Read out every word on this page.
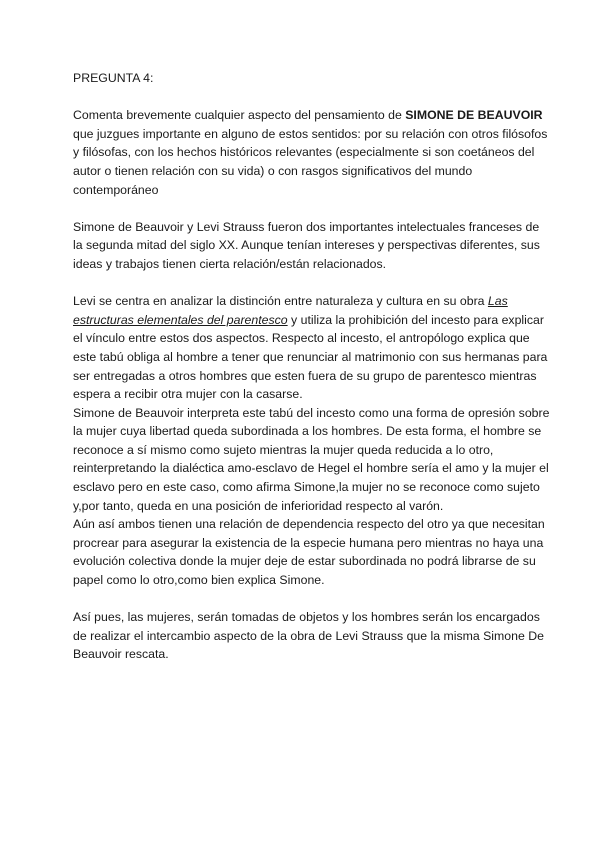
PREGUNTA 4:

Comenta brevemente cualquier aspecto del pensamiento de SIMONE DE BEAUVOIR que juzgues importante en alguno de estos sentidos: por su relación con otros filósofos y filósofas, con los hechos históricos relevantes (especialmente si son coetáneos del autor o tienen relación con su vida) o con rasgos significativos del mundo contemporáneo

Simone de Beauvoir y Levi Strauss fueron dos importantes intelectuales franceses de la segunda mitad del siglo XX. Aunque tenían intereses y perspectivas diferentes, sus ideas y trabajos tienen cierta relación/están relacionados.

Levi se centra en analizar la distinción entre naturaleza y cultura en su obra Las estructuras elementales del parentesco y utiliza la prohibición del incesto para explicar el vínculo entre estos dos aspectos. Respecto al incesto, el antropólogo explica que este tabú obliga al hombre a tener que renunciar al matrimonio con sus hermanas para ser entregadas a otros hombres que esten fuera de su grupo de parentesco mientras espera a recibir otra mujer con la casarse.

Simone de Beauvoir interpreta este tabú del incesto como una forma de opresión sobre la mujer cuya libertad queda subordinada a los hombres. De esta forma, el hombre se reconoce a sí mismo como sujeto mientras la mujer queda reducida a lo otro, reinterpretando la dialéctica amo-esclavo de Hegel el hombre sería el amo y la mujer el esclavo pero en este caso, como afirma Simone,la mujer no se reconoce como sujeto y,por tanto, queda en una posición de inferioridad respecto al varón.

Aún así ambos tienen una relación de dependencia respecto del otro ya que necesitan procrear para asegurar la existencia de la especie humana pero mientras no haya una evolución colectiva donde la mujer deje de estar subordinada no podrá librarse de su papel como lo otro,como bien explica Simone.

Así pues, las mujeres, serán tomadas de objetos y los hombres serán los encargados de realizar el intercambio aspecto de la obra de Levi Strauss que la misma Simone De Beauvoir rescata.
